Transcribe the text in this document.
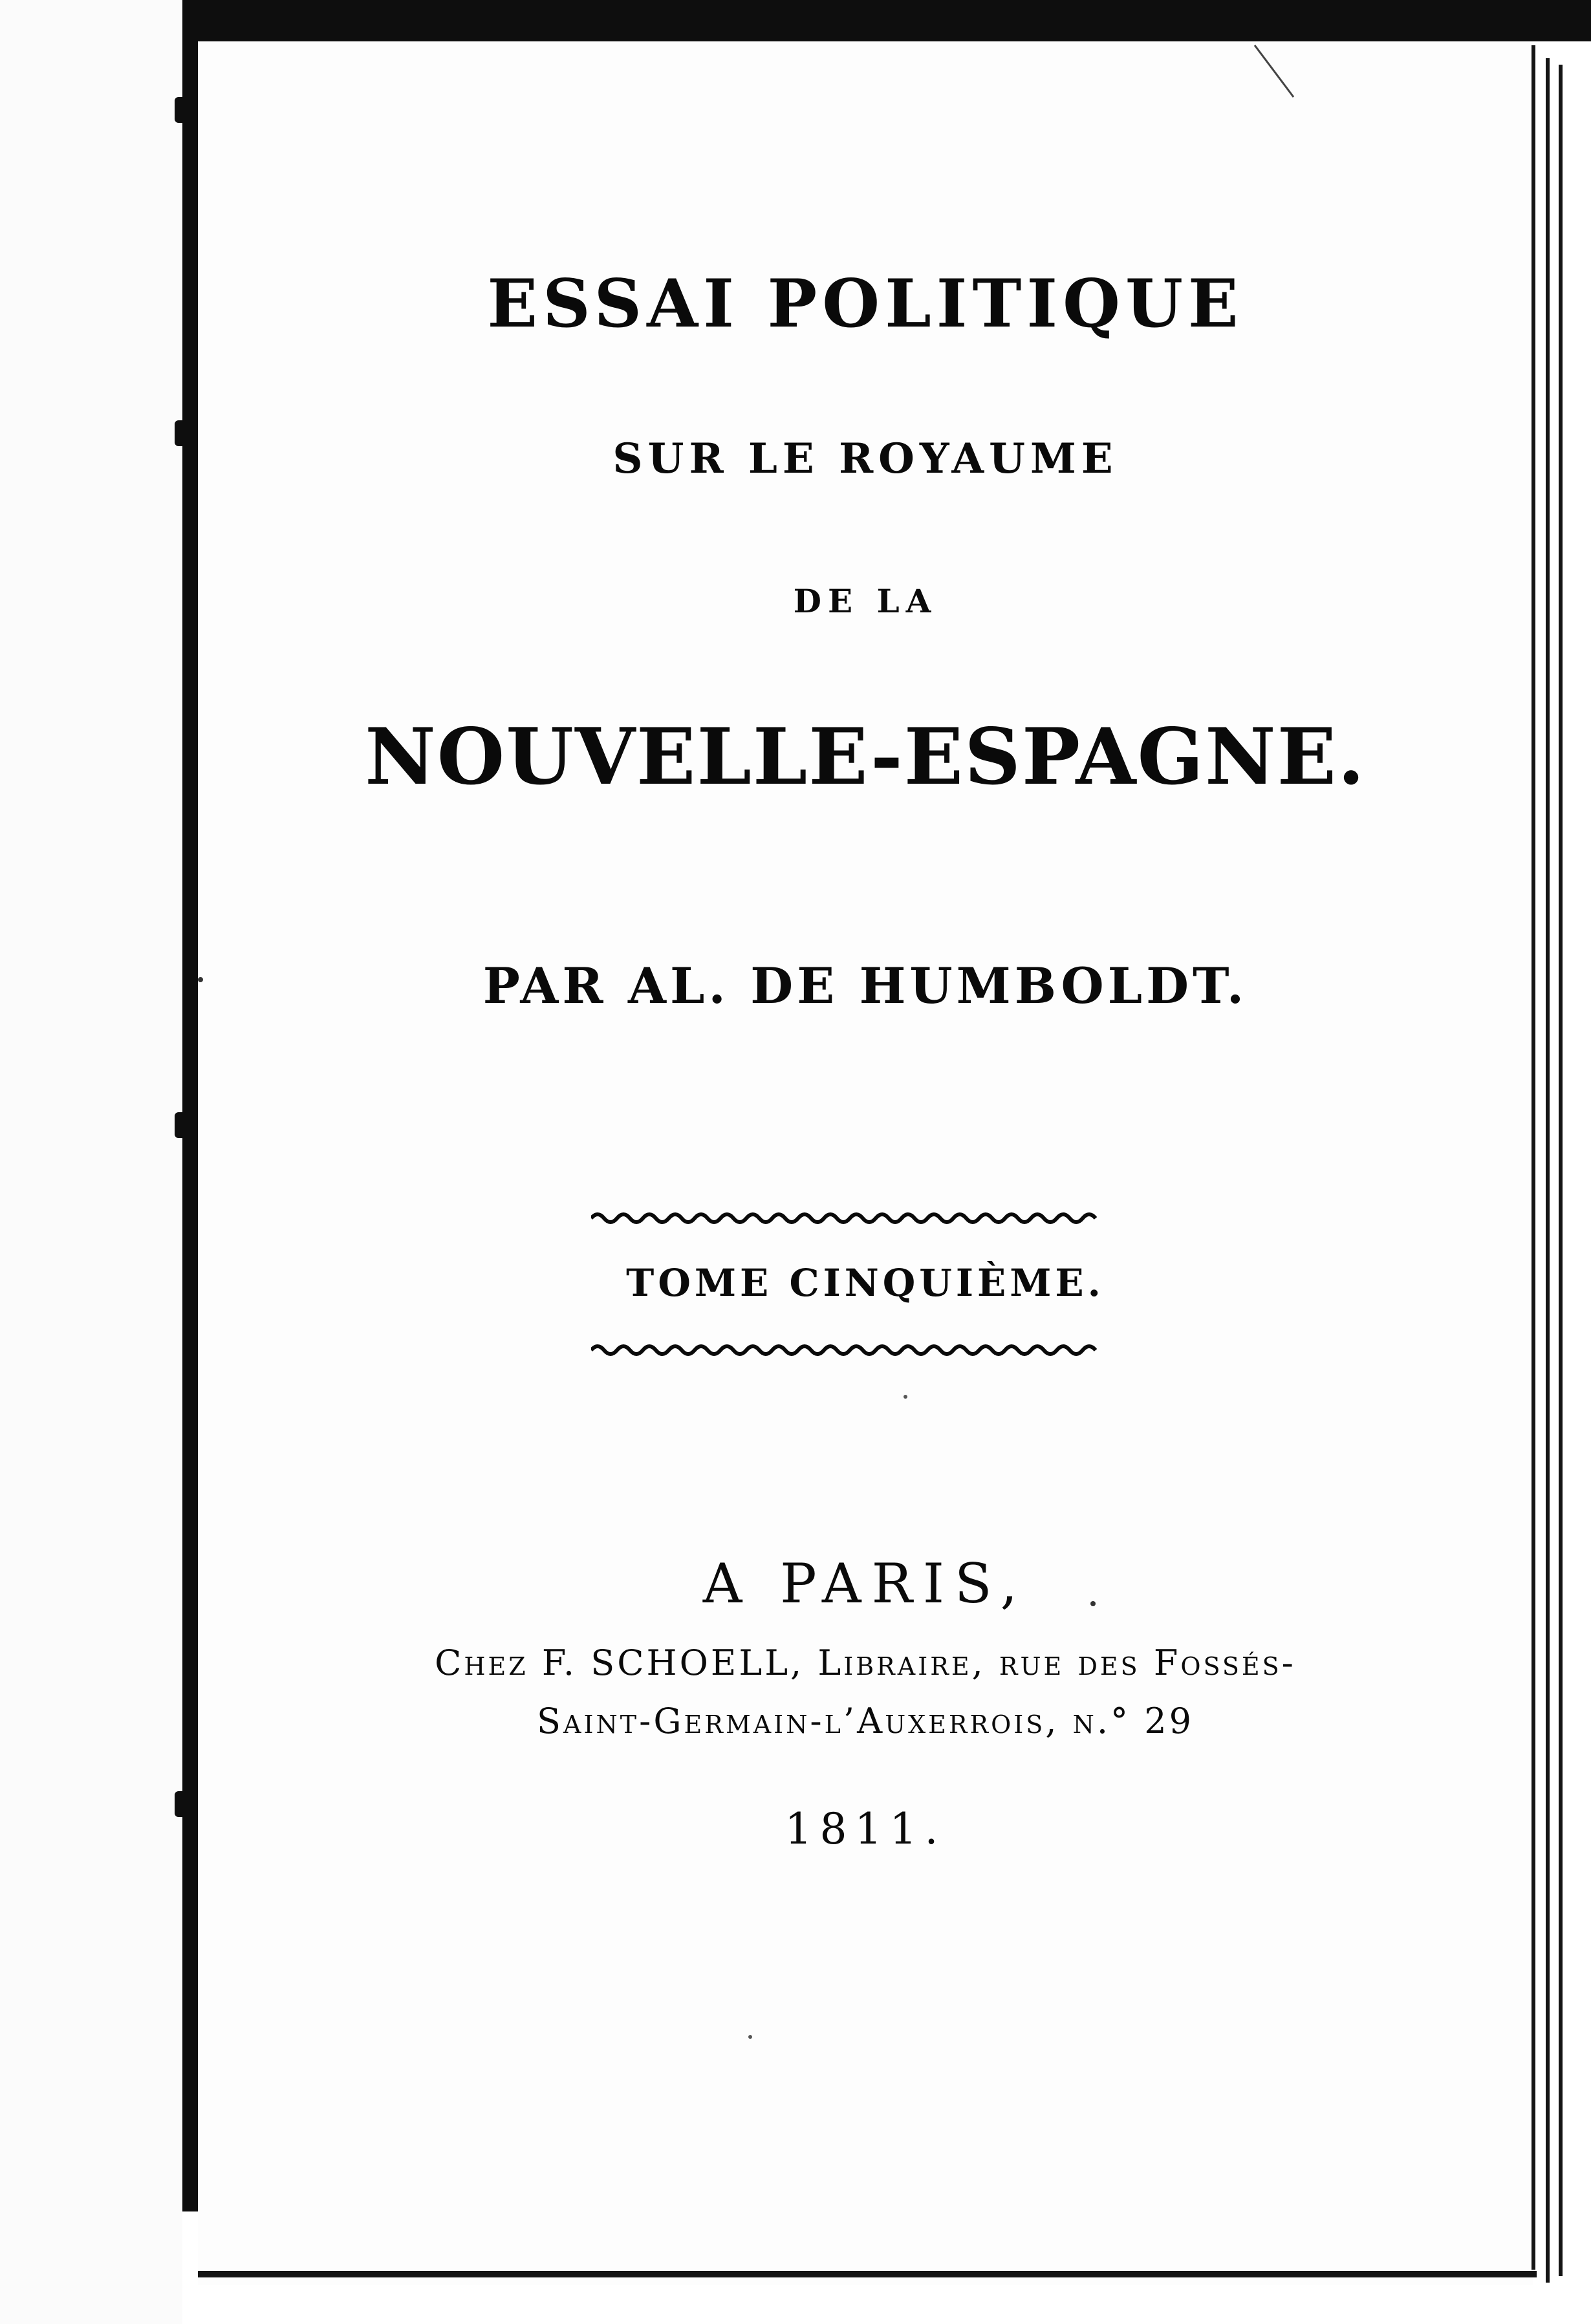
ESSAI POLITIQUE

SUR LE ROYAUME

DE LA

NOUVELLE-ESPAGNE.

PAR AL. DE HUMBOLDT.

TOME CINQUIÈME.

A PARIS,

Chez F. SCHOELL, Libraire, rue des Fossés-

Saint-Germain-l’Auxerrois, n.° 29

1811.
